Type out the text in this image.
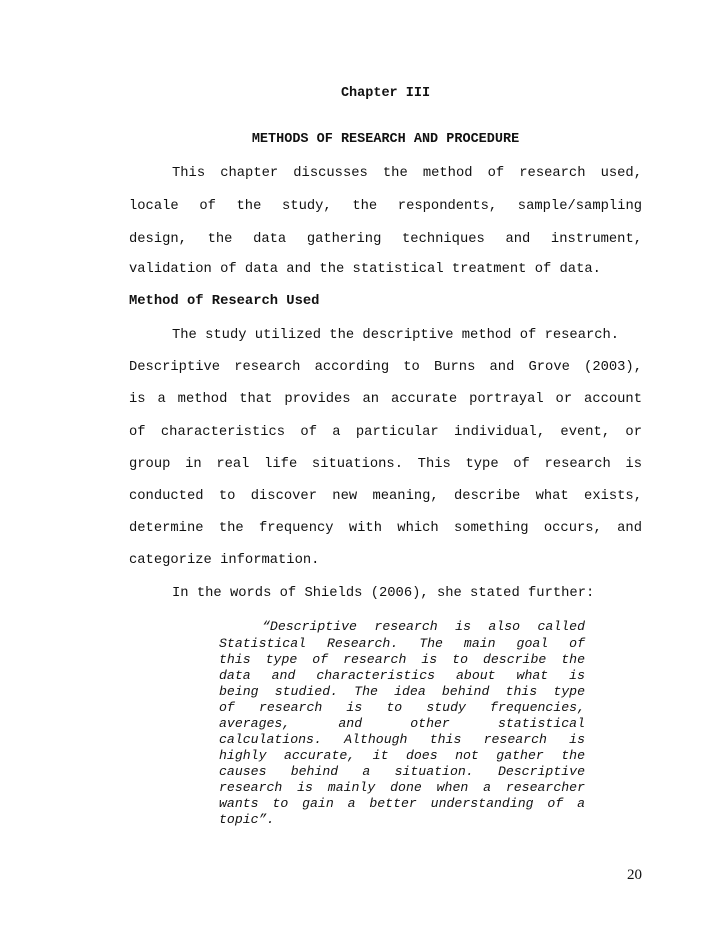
Chapter III
METHODS OF RESEARCH AND PROCEDURE
This chapter discusses the method of research used,
locale of the study, the respondents, sample/sampling
design, the data gathering techniques and instrument,
validation of data and the statistical treatment of data.
Method of Research Used
The study utilized the descriptive method of research.
Descriptive research according to Burns and Grove (2003),
is a method that provides an accurate portrayal or account
of characteristics of a particular individual, event, or
group in real life situations. This type of research is
conducted to discover new meaning, describe what exists,
determine the frequency with which something occurs, and
categorize information.
In the words of Shields (2006), she stated further:
“Descriptive research is also called
Statistical Research. The main goal of
this type of research is to describe the
data and characteristics about what is
being studied. The idea behind this type
of research is to study frequencies,
averages, and other statistical
calculations. Although this research is
highly accurate, it does not gather the
causes behind a situation. Descriptive
research is mainly done when a researcher
wants to gain a better understanding of a
topic”.
20
